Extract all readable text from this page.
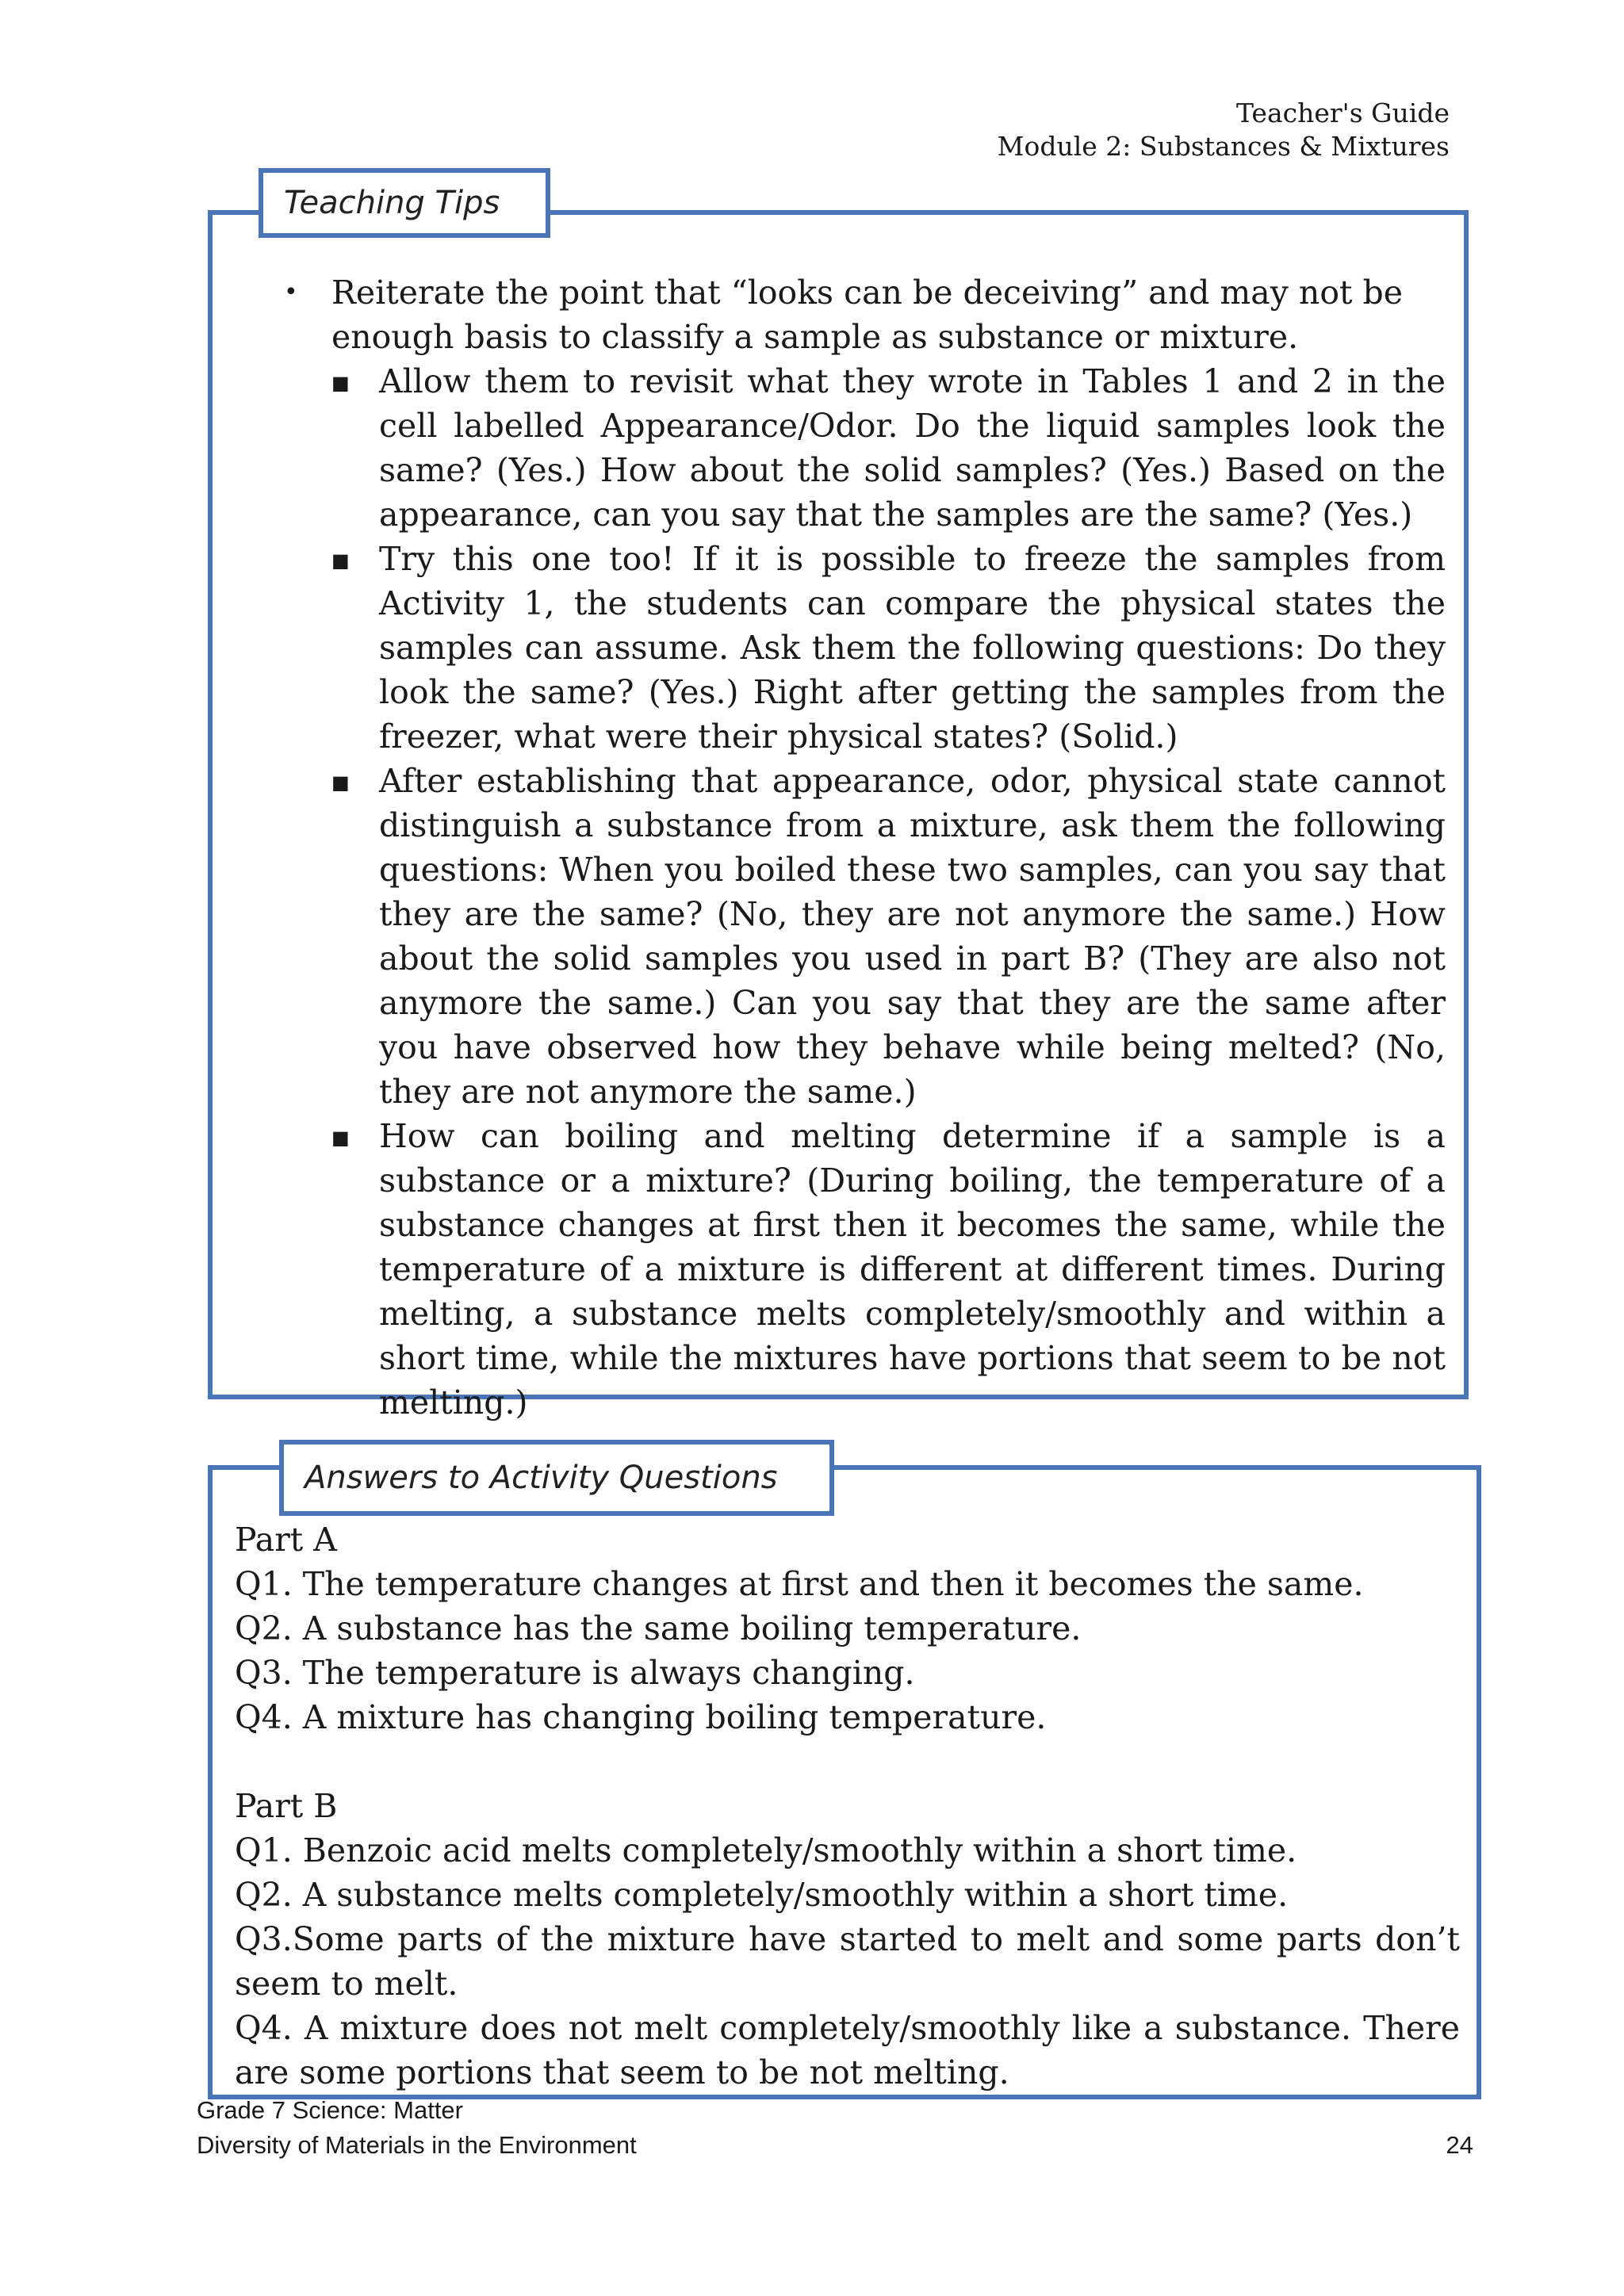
Teacher's Guide
Module 2: Substances & Mixtures
•	Reiterate the point that “looks can be deceiving” and may not be enough basis to classify a sample as substance or mixture.
■ Allow them to revisit what they wrote in Tables 1 and 2 in the cell labelled Appearance/Odor. Do the liquid samples look the same? (Yes.) How about the solid samples? (Yes.) Based on the appearance, can you say that the samples are the same? (Yes.)
■ Try this one too! If it is possible to freeze the samples from Activity 1, the students can compare the physical states the samples can assume. Ask them the following questions: Do they look the same? (Yes.) Right after getting the samples from the freezer, what were their physical states? (Solid.)
■ After establishing that appearance, odor, physical state cannot distinguish a substance from a mixture, ask them the following questions: When you boiled these two samples, can you say that they are the same? (No, they are not anymore the same.) How about the solid samples you used in part B? (They are also not anymore the same.) Can you say that they are the same after you have observed how they behave while being melted? (No, they are not anymore the same.)
■ How can boiling and melting determine if a sample is a substance or a mixture? (During boiling, the temperature of a substance changes at first then it becomes the same, while the temperature of a mixture is different at different times. During melting, a substance melts completely/smoothly and within a short time, while the mixtures have portions that seem to be not melting.)
Teaching Tips

Part A

Q1. The temperature changes at first and then it becomes the same.

Q2. A substance has the same boiling temperature.

Q3. The temperature is always changing.

Q4. A mixture has changing boiling temperature.

Part B

Q1. Benzoic acid melts completely/smoothly within a short time.

Q2. A substance melts completely/smoothly within a short time.

Q3.Some parts of the mixture have started to melt and some parts don’t seem to melt.

Q4. A mixture does not melt completely/smoothly like a substance. There are some portions that seem to be not melting.

Answers to Activity Questions
Grade 7 Science: Matter
Diversity of Materials in the Environment	24
